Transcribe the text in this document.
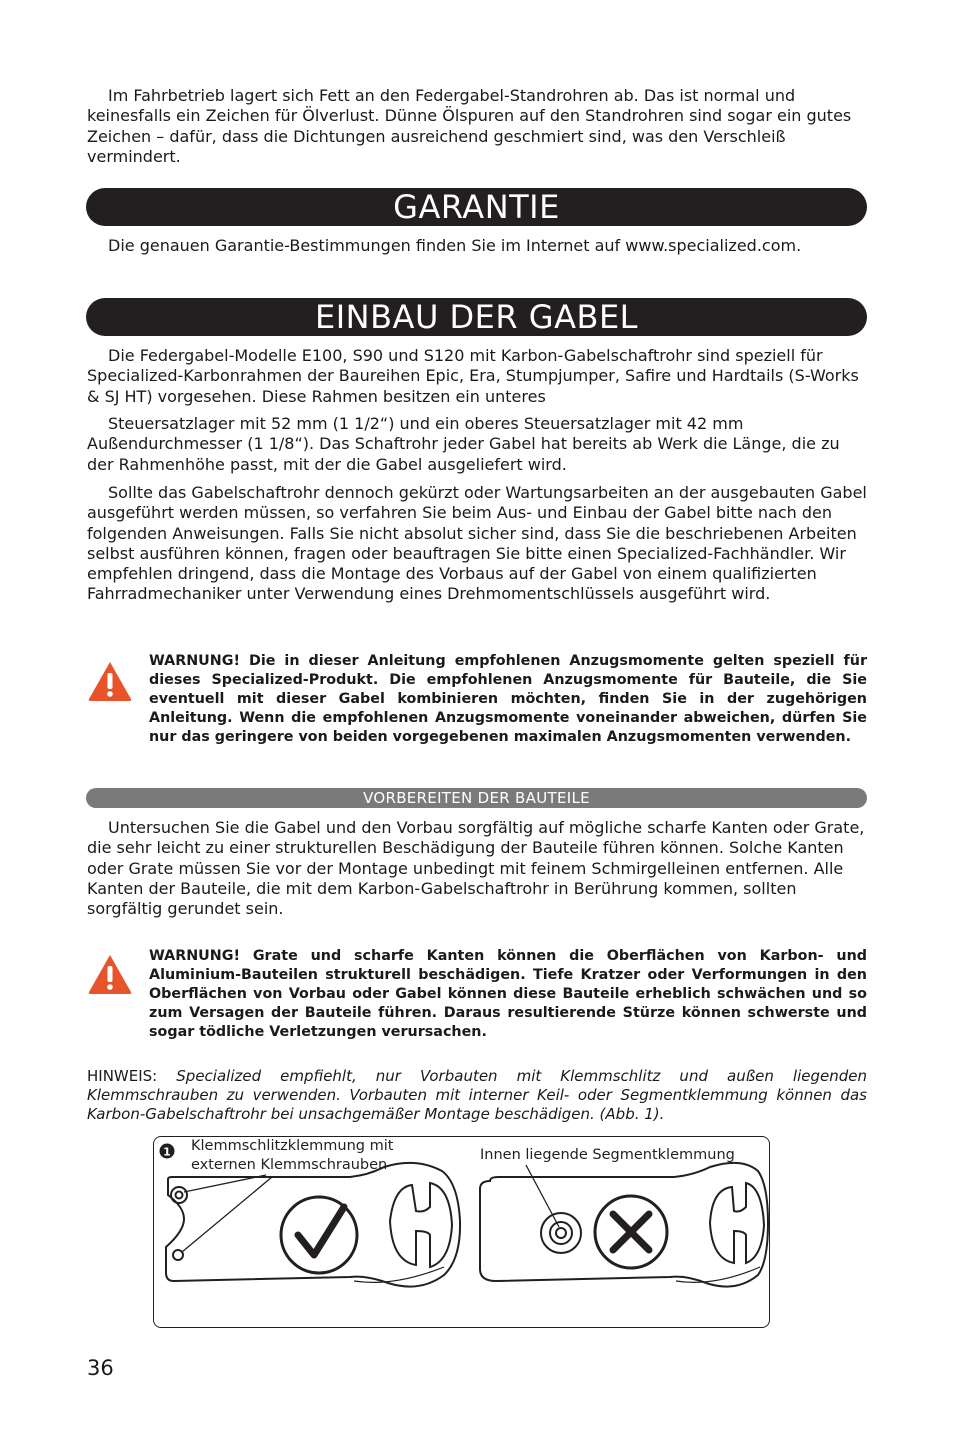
Im Fahrbetrieb lagert sich Fett an den Federgabel-Standrohren ab. Das ist normal und keinesfalls ein Zeichen für Ölverlust. Dünne Ölspuren auf den Standrohren sind sogar ein gutes Zeichen – dafür, dass die Dichtungen ausreichend geschmiert sind, was den Verschleiß vermindert.

GARANTIE

Die genauen Garantie-Bestimmungen finden Sie im Internet auf www.specialized.com.

EINBAU DER GABEL

Die Federgabel-Modelle E100, S90 und S120 mit Karbon-Gabelschaftrohr sind speziell für Specialized-Karbonrahmen der Baureihen Epic, Era, Stumpjumper, Safire und Hardtails (S-Works & SJ HT) vorgesehen. Diese Rahmen besitzen ein unteres

Steuersatzlager mit 52 mm (1 1/2“) und ein oberes Steuersatzlager mit 42 mm Außendurchmesser (1 1/8“). Das Schaftrohr jeder Gabel hat bereits ab Werk die Länge, die zu der Rahmenhöhe passt, mit der die Gabel ausgeliefert wird.

Sollte das Gabelschaftrohr dennoch gekürzt oder Wartungsarbeiten an der ausgebauten Gabel ausgeführt werden müssen, so verfahren Sie beim Aus- und Einbau der Gabel bitte nach den folgenden Anweisungen. Falls Sie nicht absolut sicher sind, dass Sie die beschriebenen Arbeiten selbst ausführen können, fragen oder beauftragen Sie bitte einen Specialized-Fachhändler. Wir empfehlen dringend, dass die Montage des Vorbaus auf der Gabel von einem qualifizierten Fahrradmechaniker unter Verwendung eines Drehmomentschlüssels ausgeführt wird.

WARNUNG! Die in dieser Anleitung empfohlenen Anzugsmomente gelten speziell für dieses Specialized-Produkt. Die empfohlenen Anzugsmomente für Bauteile, die Sie eventuell mit dieser Gabel kombinieren möchten, finden Sie in der zugehörigen Anleitung. Wenn die empfohlenen Anzugsmomente voneinander abweichen, dürfen Sie nur das geringere von beiden vorgegebenen maximalen Anzugsmomenten verwenden.
VORBEREITEN DER BAUTEILE

Untersuchen Sie die Gabel und den Vorbau sorgfältig auf mögliche scharfe Kanten oder Grate, die sehr leicht zu einer strukturellen Beschädigung der Bauteile führen können. Solche Kanten oder Grate müssen Sie vor der Montage unbedingt mit feinem Schmirgelleinen entfernen. Alle Kanten der Bauteile, die mit dem Karbon-Gabelschaftrohr in Berührung kommen, sollten sorgfältig gerundet sein.

WARNUNG! Grate und scharfe Kanten können die Oberflächen von Karbon- und Aluminium-Bauteilen strukturell beschädigen. Tiefe Kratzer oder Verformungen in den Oberflächen von Vorbau oder Gabel können diese Bauteile erheblich schwächen und so zum Versagen der Bauteile führen. Daraus resultierende Stürze können schwerste und sogar tödliche Verletzungen verursachen.

HINWEIS: Specialized empfiehlt, nur Vorbauten mit Klemmschlitz und außen liegenden Klemmschrauben zu verwenden. Vorbauten mit interner Keil- oder Segmentklemmung können das Karbon-Gabelschaftrohr bei unsachgemäßer Montage beschädigen. (Abb. 1).

1 Klemmschlitzklemmung mit
externen Klemmschrauben
Innen liegende Segmentklemmung
36
